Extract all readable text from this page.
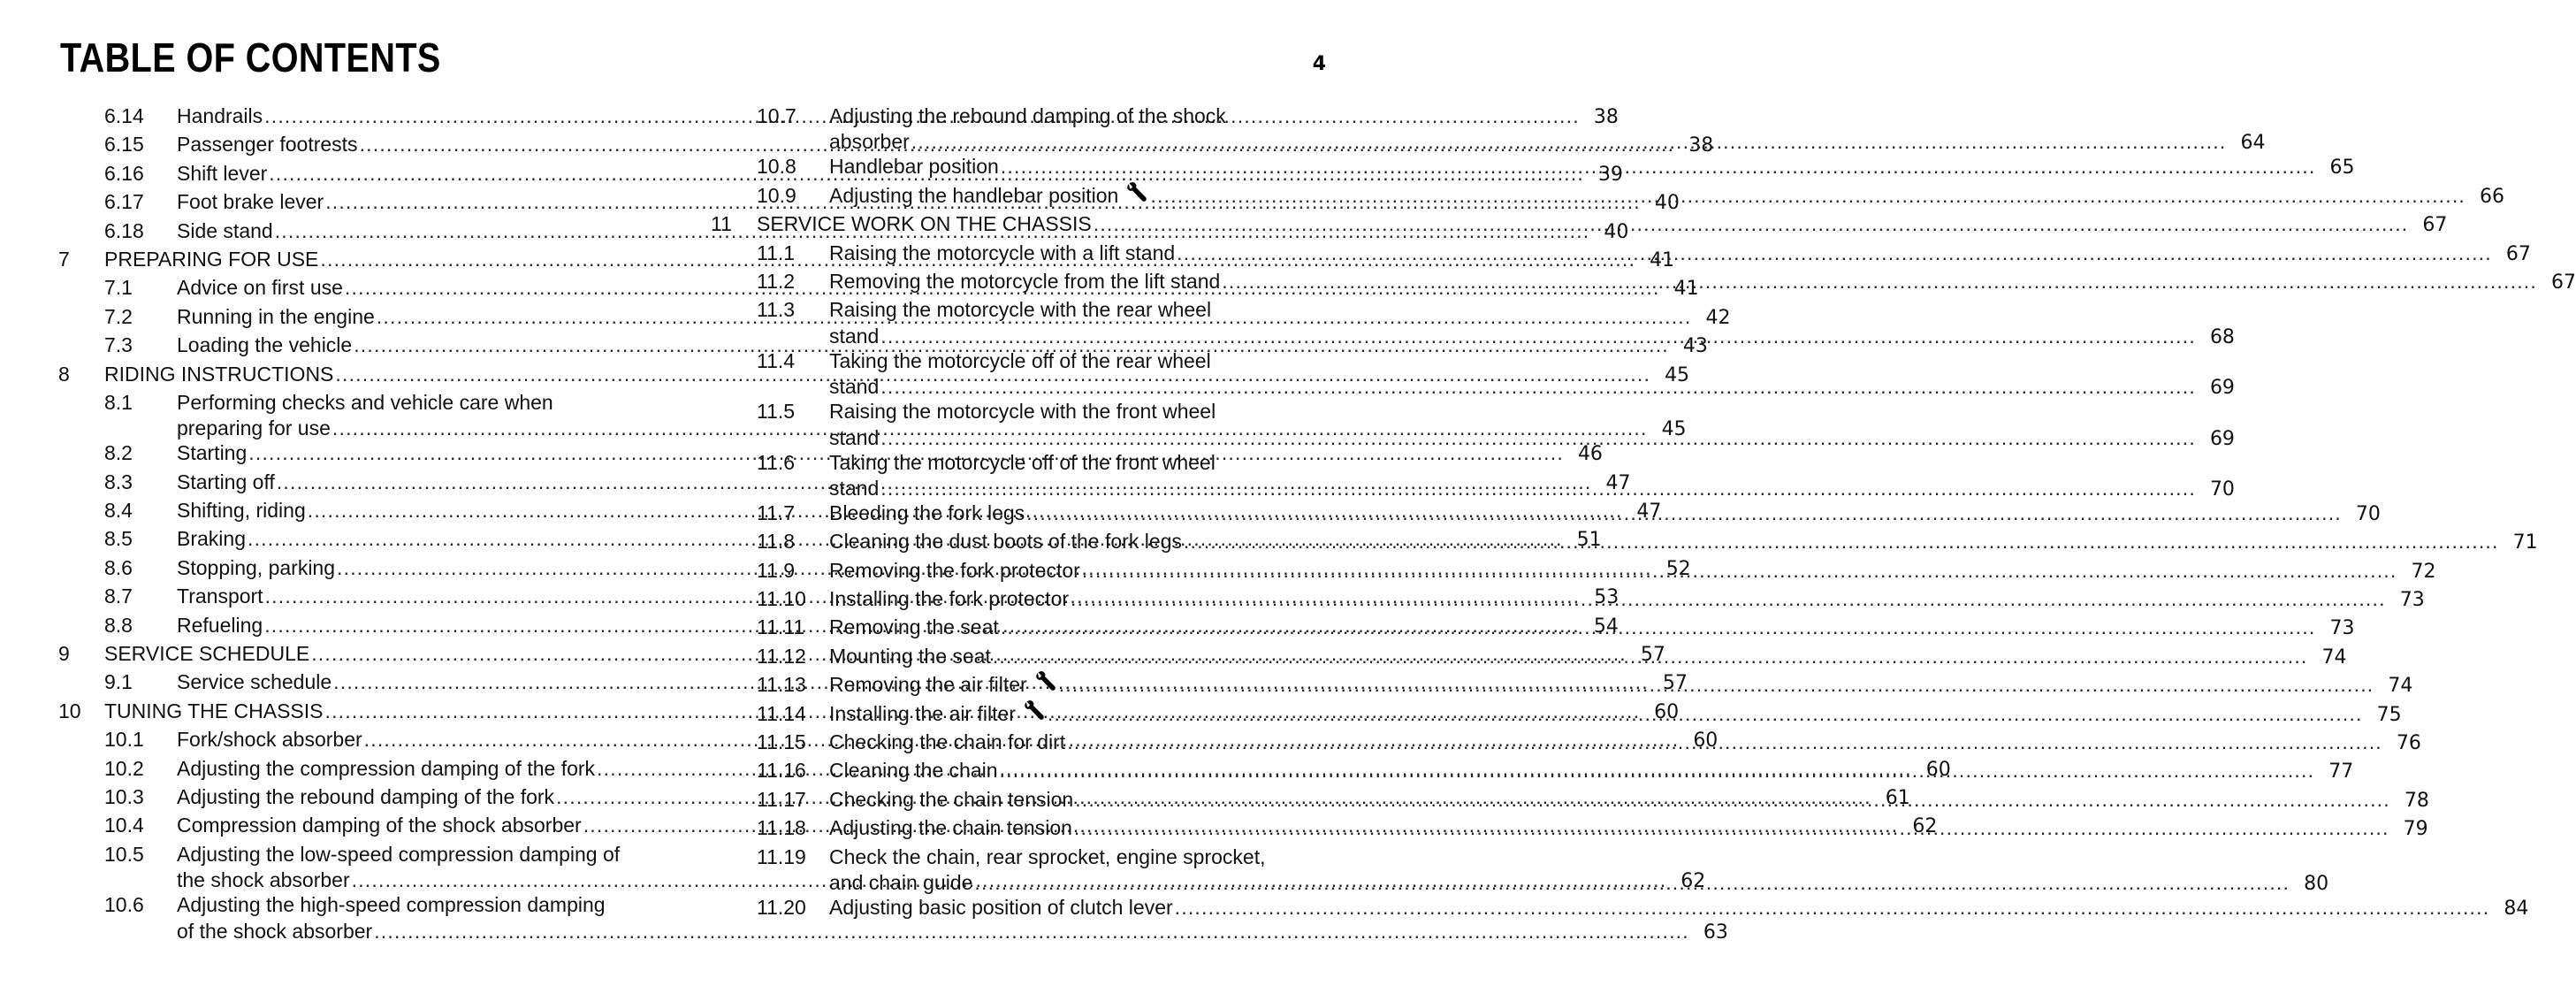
TABLE OF CONTENTS	4
6.14	Handrails .....	38
6.15	Passenger footrests .....	38
6.16	Shift lever .....	39
6.17	Foot brake lever .....	40
6.18	Side stand .....	40
7	PREPARING FOR USE .....	41
7.1	Advice on first use .....	41
7.2	Running in the engine .....	42
7.3	Loading the vehicle .....	43
8	RIDING INSTRUCTIONS .....	45
8.1	Performing checks and vehicle care when
preparing for use .....	45
8.2	Starting .....	46
8.3	Starting off .....	47
8.4	Shifting, riding .....	47
8.5	Braking .....	51
8.6	Stopping, parking .....	52
8.7	Transport .....	53
8.8	Refueling .....	54
9	SERVICE SCHEDULE .....	57
9.1	Service schedule .....	57
10	TUNING THE CHASSIS .....	60
10.1	Fork/shock absorber .....	60
10.2	Adjusting the compression damping of the fork .....	60
10.3	Adjusting the rebound damping of the fork .....	61
10.4	Compression damping of the shock absorber .....	62
10.5	Adjusting the low-speed compression damping of
the shock absorber .....	62
10.6	Adjusting the high-speed compression damping
of the shock absorber .....	63
10.7	Adjusting the rebound damping of the shock
absorber .....	64
10.8	Handlebar position .....	65
10.9	Adjusting the handlebar position .....	66
11	SERVICE WORK ON THE CHASSIS .....	67
11.1	Raising the motorcycle with a lift stand .....	67
11.2	Removing the motorcycle from the lift stand .....	67
11.3	Raising the motorcycle with the rear wheel
stand .....	68
11.4	Taking the motorcycle off of the rear wheel
stand .....	69
11.5	Raising the motorcycle with the front wheel
stand .....	69
11.6	Taking the motorcycle off of the front wheel
stand .....	70
11.7	Bleeding the fork legs .....	70
11.8	Cleaning the dust boots of the fork legs .....	71
11.9	Removing the fork protector .....	72
11.10	Installing the fork protector .....	73
11.11	Removing the seat .....	73
11.12	Mounting the seat .....	74
11.13	Removing the air filter .....	74
11.14	Installing the air filter .....	75
11.15	Checking the chain for dirt .....	76
11.16	Cleaning the chain .....	77
11.17	Checking the chain tension .....	78
11.18	Adjusting the chain tension .....	79
11.19	Check the chain, rear sprocket, engine sprocket,
and chain guide .....	80
11.20	Adjusting basic position of clutch lever .....	84
